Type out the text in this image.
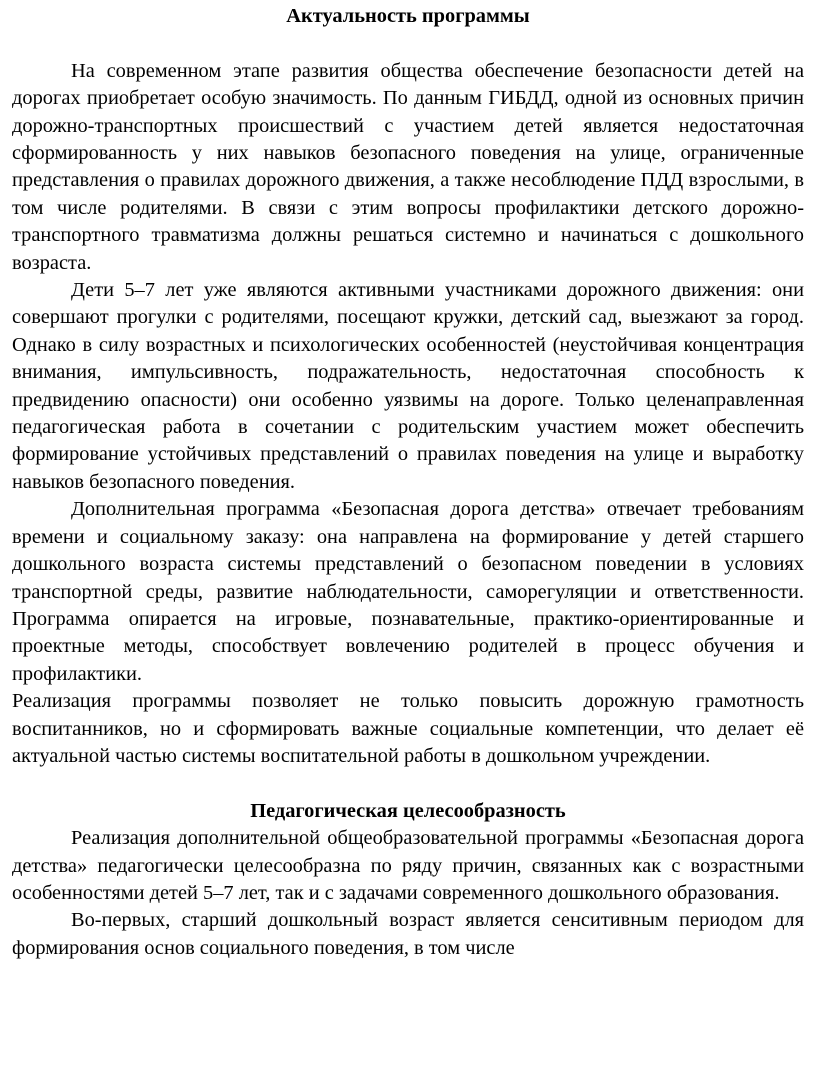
Актуальность программы

На современном этапе развития общества обеспечение безопасности детей на дорогах приобретает особую значимость. По данным ГИБДД, одной из основных причин дорожно-транспортных происшествий с участием детей является недостаточная сформированность у них навыков безопасного поведения на улице, ограниченные представления о правилах дорожного движения, а также несоблюдение ПДД взрослыми, в том числе родителями. В связи с этим вопросы профилактики детского дорожно-транспортного травматизма должны решаться системно и начинаться с дошкольного возраста.

Дети 5–7 лет уже являются активными участниками дорожного движения: они совершают прогулки с родителями, посещают кружки, детский сад, выезжают за город. Однако в силу возрастных и психологических особенностей (неустойчивая концентрация внимания, импульсивность, подражательность, недостаточная способность к предвидению опасности) они особенно уязвимы на дороге. Только целенаправленная педагогическая работа в сочетании с родительским участием может обеспечить формирование устойчивых представлений о правилах поведения на улице и выработку навыков безопасного поведения.

Дополнительная программа «Безопасная дорога детства» отвечает требованиям времени и социальному заказу: она направлена на формирование у детей старшего дошкольного возраста системы представлений о безопасном поведении в условиях транспортной среды, развитие наблюдательности, саморегуляции и ответственности. Программа опирается на игровые, познавательные, практико-ориентированные и проектные методы, способствует вовлечению родителей в процесс обучения и профилактики.

Реализация программы позволяет не только повысить дорожную грамотность воспитанников, но и сформировать важные социальные компетенции, что делает её актуальной частью системы воспитательной работы в дошкольном учреждении.

Педагогическая целесообразность

Реализация дополнительной общеобразовательной программы «Безопасная дорога детства» педагогически целесообразна по ряду причин, связанных как с возрастными особенностями детей 5–7 лет, так и с задачами современного дошкольного образования.

Во-первых, старший дошкольный возраст является сенситивным периодом для формирования основ социального поведения, в том числе
